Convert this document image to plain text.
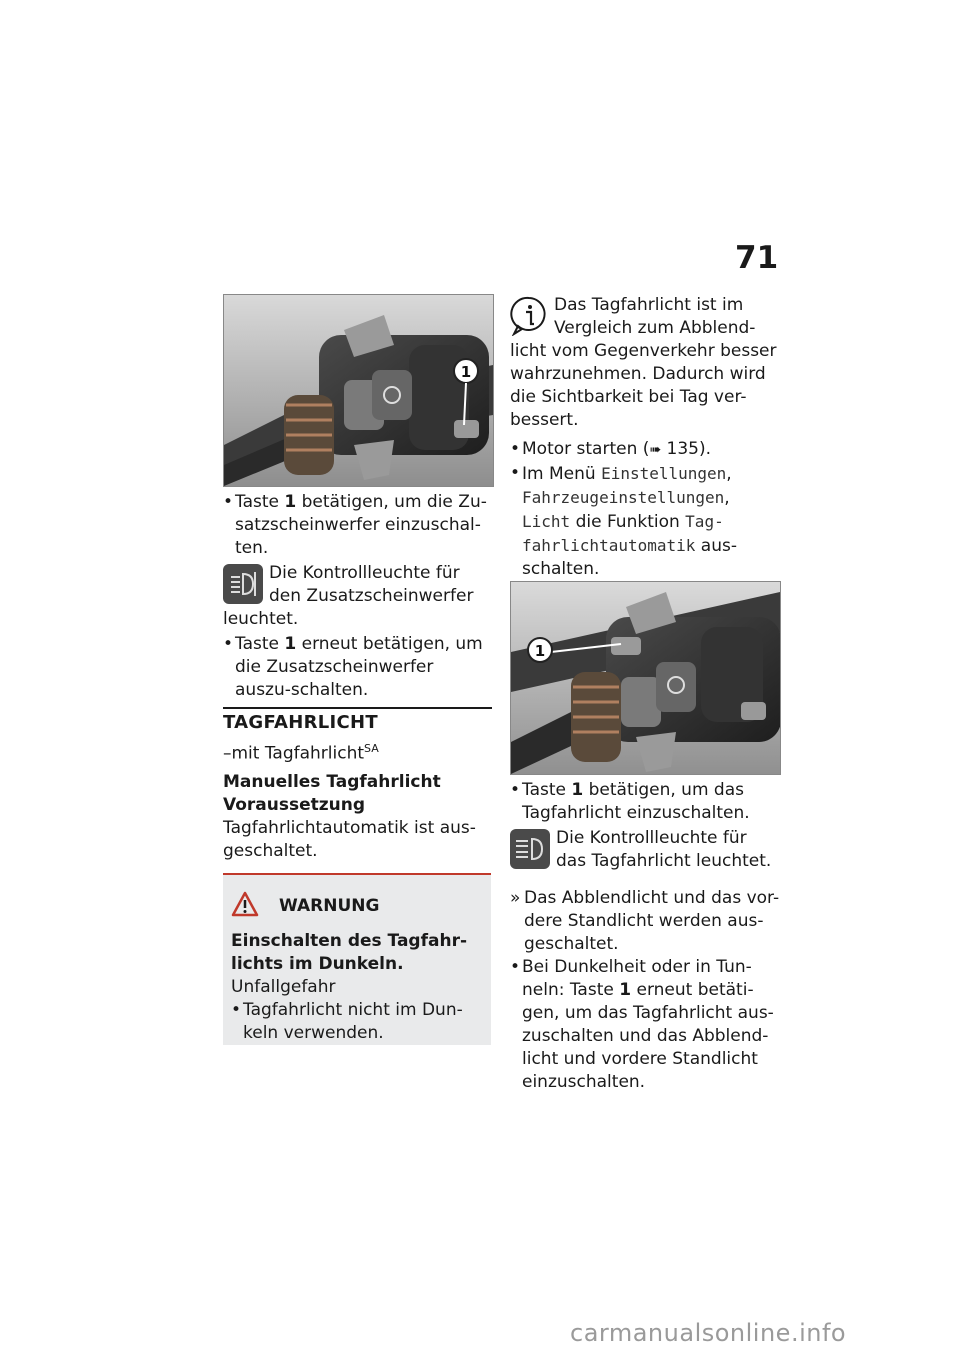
71
1

• Taste 1 betätigen, um die Zu-satzscheinwerfer einzuschal-ten.

Die Kontrollleuchte für den Zusatzscheinwerfer leuchtet.

• Taste 1 erneut betätigen, um die Zusatzscheinwerfer auszu-schalten.

TAGFAHRLICHT
–mit Tagfahrlicht$^{SA}$
Manuelles Tagfahrlicht
Voraussetzung
Tagfahrlichtautomatik ist aus-geschaltet.
WARNUNG
Einschalten des Tagfahr-lichts im Dunkeln.
Unfallgefahr
• Tagfahrlicht nicht im Dun-keln verwenden.
Das Tagfahrlicht ist im Vergleich zum Abblend-licht vom Gegenverkehr besser wahrzunehmen. Dadurch wird die Sichtbarkeit bei Tag ver-bessert.

• Motor starten (➠ 135).

• Im Menü Einstellungen, Fahrzeugeinstellungen, Licht die Funktion Tag-fahrlichtautomatik aus-schalten.

1

• Taste 1 betätigen, um das Tagfahrlicht einzuschalten.

Die Kontrollleuchte für das Tagfahrlicht leuchtet.

» Das Abblendlicht und das vor-dere Standlicht werden aus-geschaltet.

• Bei Dunkelheit oder in Tun-neln: Taste 1 erneut betäti-gen, um das Tagfahrlicht aus-zuschalten und das Abblend-licht und vordere Standlicht einzuschalten.

carmanualsonline.info
